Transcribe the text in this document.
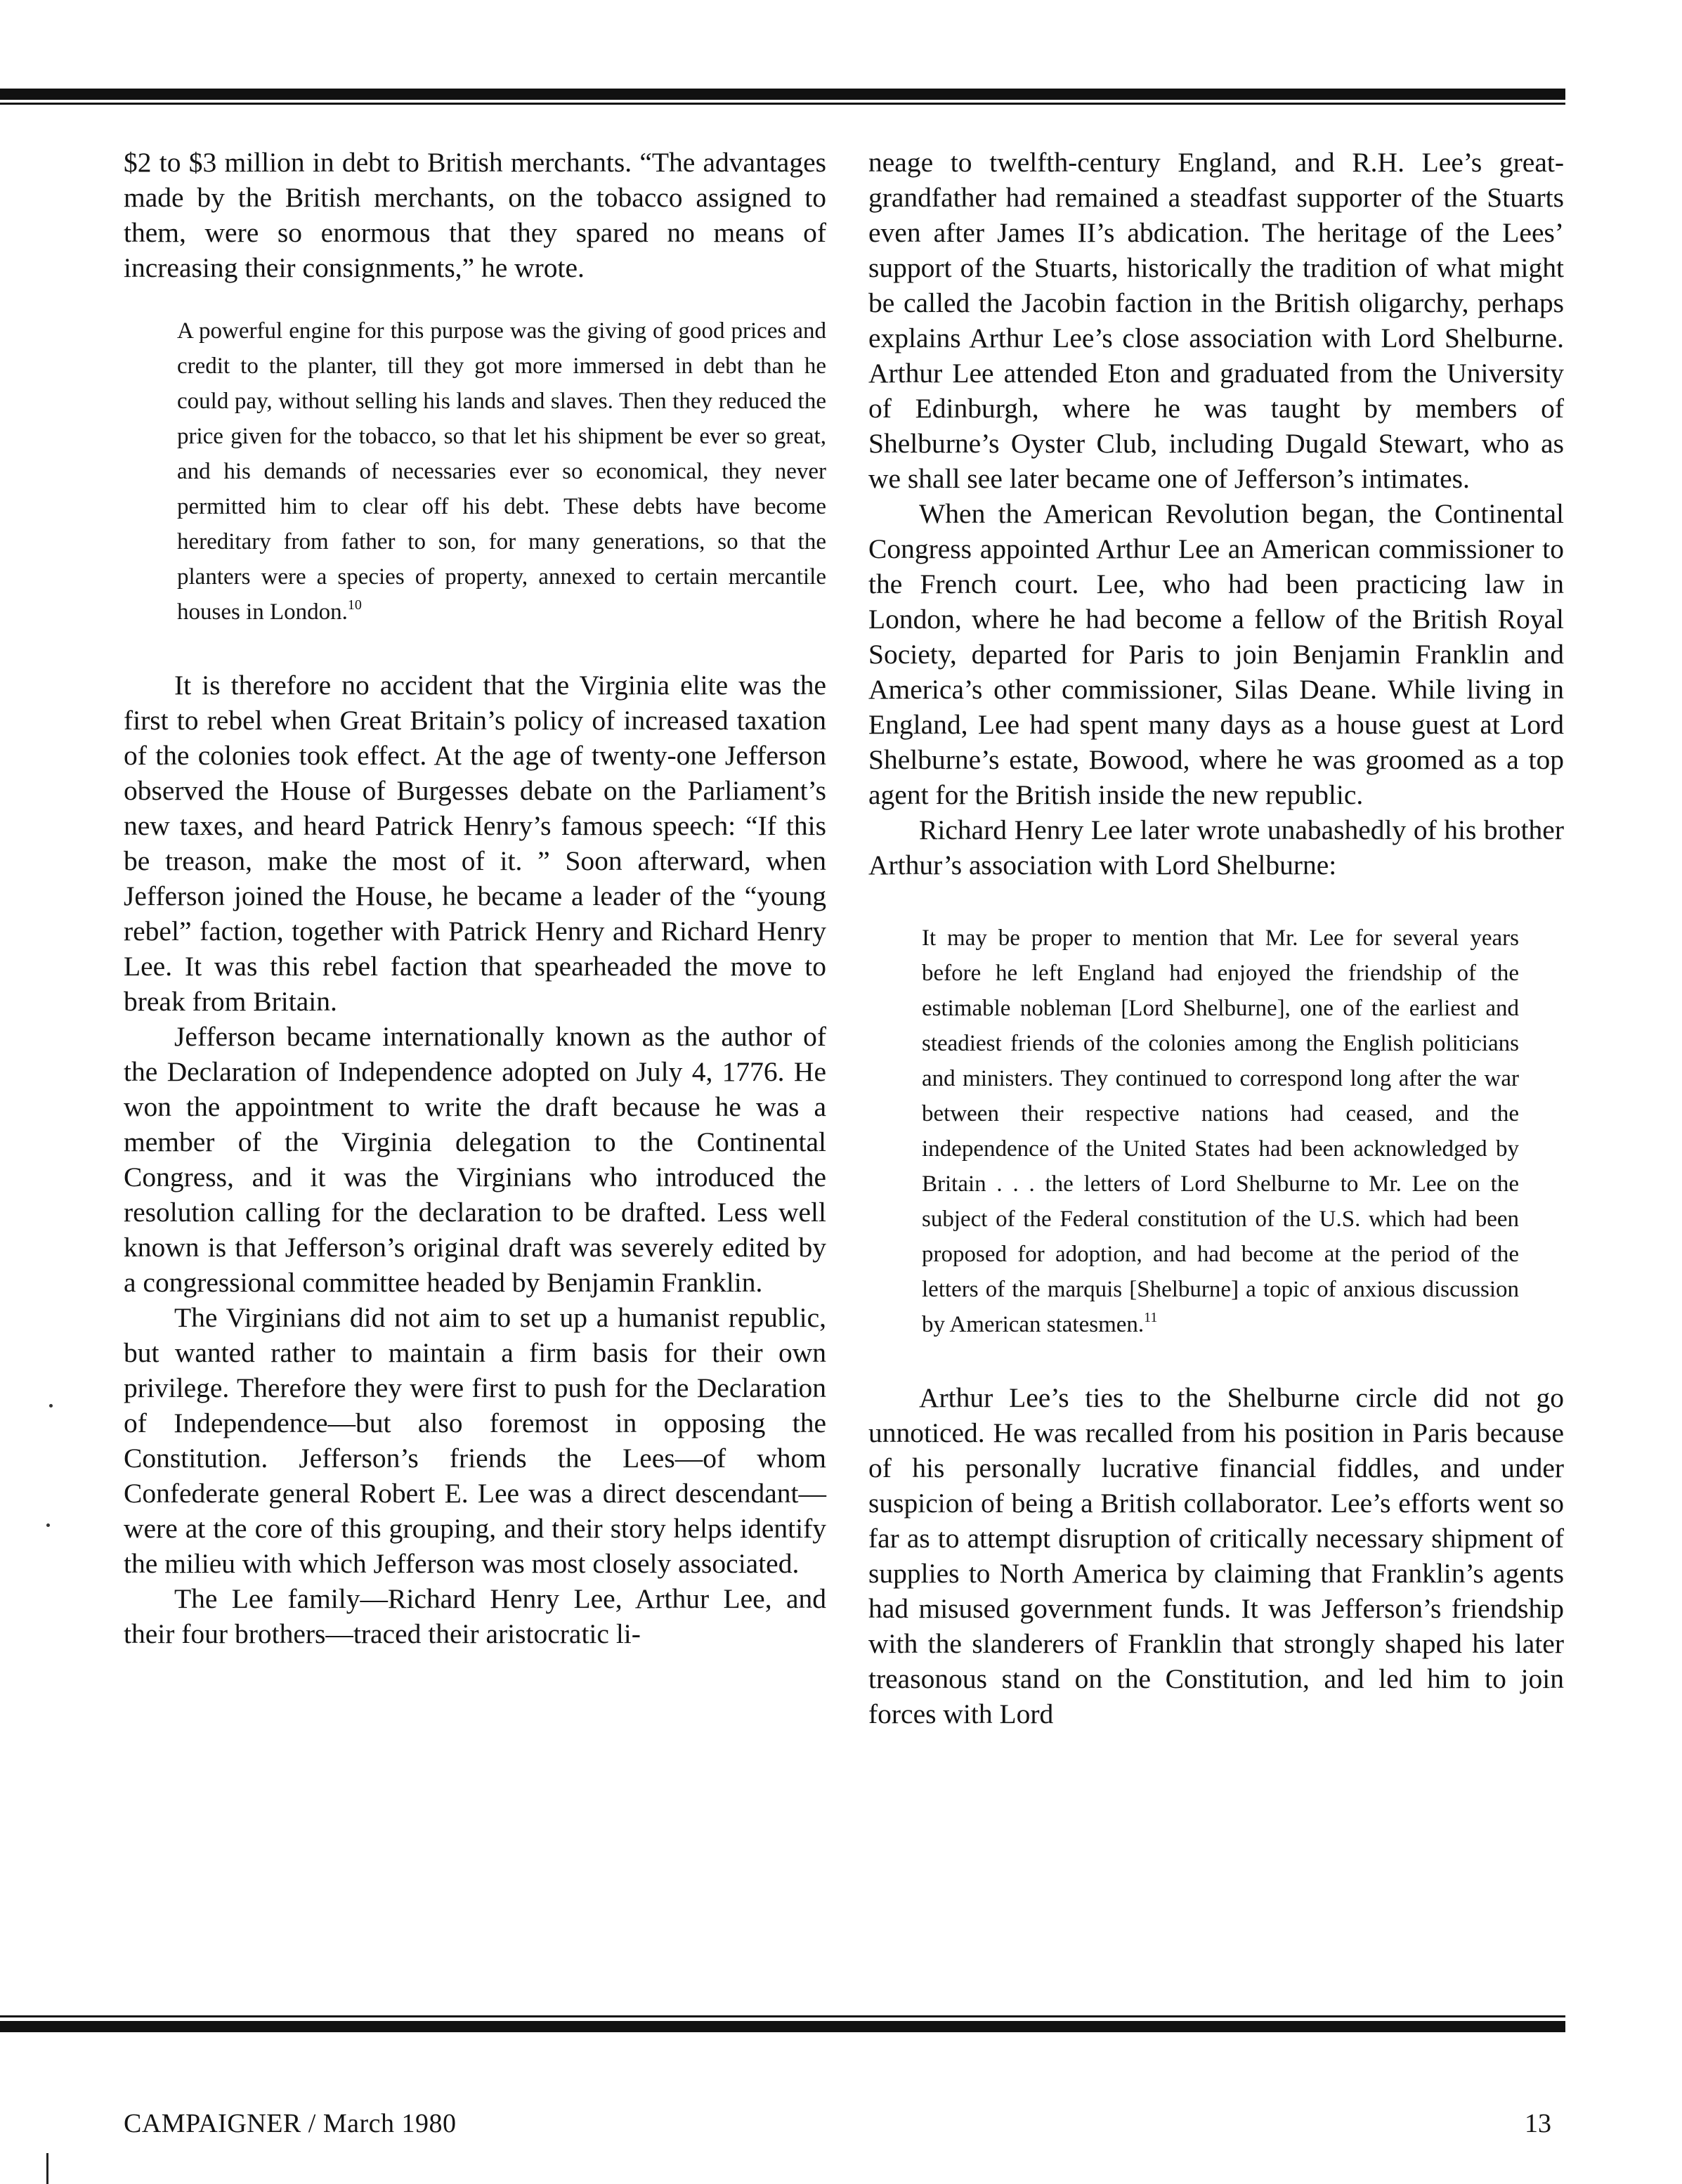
$2 to $3 million in debt to British merchants. “The advantages made by the British merchants, on the tobacco assigned to them, were so enormous that they spared no means of increasing their consignments,” he wrote.

A powerful engine for this purpose was the giving of good prices and credit to the planter, till they got more immersed in debt than he could pay, without selling his lands and slaves. Then they reduced the price given for the tobacco, so that let his shipment be ever so great, and his demands of necessaries ever so economical, they never permitted him to clear off his debt. These debts have become hereditary from father to son, for many generations, so that the planters were a species of property, annexed to certain mercantile houses in London.$^{10}$

It is therefore no accident that the Virginia elite was the first to rebel when Great Britain’s policy of increased taxation of the colonies took effect. At the age of twenty-one Jefferson observed the House of Burgesses debate on the Parliament’s new taxes, and heard Patrick Henry’s famous speech: “If this be treason, make the most of it. ” Soon afterward, when Jefferson joined the House, he became a leader of the “young rebel” faction, together with Patrick Henry and Richard Henry Lee. It was this rebel faction that spearheaded the move to break from Britain.

Jefferson became internationally known as the author of the Declaration of Independence adopted on July 4, 1776. He won the appointment to write the draft because he was a member of the Virginia delegation to the Continental Congress, and it was the Virginians who introduced the resolution calling for the declaration to be drafted. Less well known is that Jefferson’s original draft was severely edited by a congressional committee headed by Benjamin Franklin.

The Virginians did not aim to set up a humanist republic, but wanted rather to maintain a firm basis for their own privilege. Therefore they were first to push for the Declaration of Independence—but also foremost in opposing the Constitution. Jefferson’s friends the Lees—of whom Confederate general Robert E. Lee was a direct descendant—were at the core of this grouping, and their story helps identify the milieu with which Jefferson was most closely associated.

The Lee family—Richard Henry Lee, Arthur Lee, and their four brothers—traced their aristocratic li-

neage to twelfth-century England, and R.H. Lee’s great-grandfather had remained a steadfast supporter of the Stuarts even after James II’s abdication. The heritage of the Lees’ support of the Stuarts, historically the tradition of what might be called the Jacobin faction in the British oligarchy, perhaps explains Arthur Lee’s close association with Lord Shelburne. Arthur Lee attended Eton and graduated from the University of Edinburgh, where he was taught by members of Shelburne’s Oyster Club, including Dugald Stewart, who as we shall see later became one of Jefferson’s intimates.

When the American Revolution began, the Continental Congress appointed Arthur Lee an American commissioner to the French court. Lee, who had been practicing law in London, where he had become a fellow of the British Royal Society, departed for Paris to join Benjamin Franklin and America’s other commissioner, Silas Deane. While living in England, Lee had spent many days as a house guest at Lord Shelburne’s estate, Bowood, where he was groomed as a top agent for the British inside the new republic.

Richard Henry Lee later wrote unabashedly of his brother Arthur’s association with Lord Shelburne:

It may be proper to mention that Mr. Lee for several years before he left England had enjoyed the friendship of the estimable nobleman [Lord Shelburne], one of the earliest and steadiest friends of the colonies among the English politicians and ministers. They continued to correspond long after the war between their respective nations had ceased, and the independence of the United States had been acknowledged by Britain . . . the letters of Lord Shelburne to Mr. Lee on the subject of the Federal constitution of the U.S. which had been proposed for adoption, and had become at the period of the letters of the marquis [Shelburne] a topic of anxious discussion by American statesmen.$^{11}$

Arthur Lee’s ties to the Shelburne circle did not go unnoticed. He was recalled from his position in Paris because of his personally lucrative financial fiddles, and under suspicion of being a British collaborator. Lee’s efforts went so far as to attempt disruption of critically necessary shipment of supplies to North America by claiming that Franklin’s agents had misused government funds. It was Jefferson’s friendship with the slanderers of Franklin that strongly shaped his later treasonous stand on the Constitution, and led him to join forces with Lord

CAMPAIGNER / March 1980	13
